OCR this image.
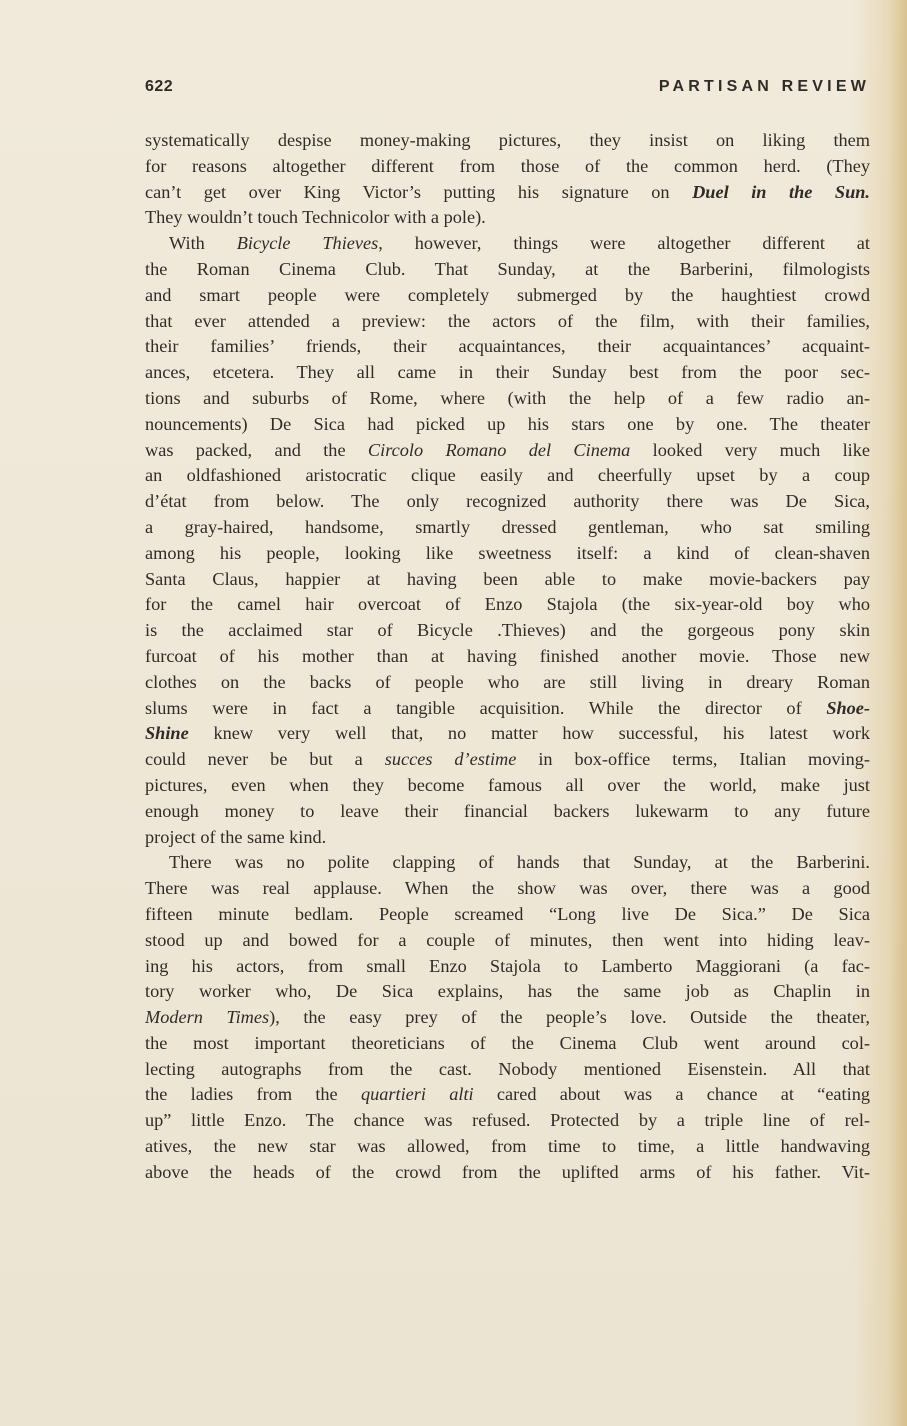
622	PARTISAN REVIEW
systematically despise money-making pictures, they insist on liking them
for reasons altogether different from those of the common herd. (They
can’t get over King Victor’s putting his signature on Duel in the Sun.
They wouldn’t touch Technicolor with a pole).
With Bicycle Thieves, however, things were altogether different at
the Roman Cinema Club. That Sunday, at the Barberini, filmologists
and smart people were completely submerged by the haughtiest crowd
that ever attended a preview: the actors of the film, with their families,
their families’ friends, their acquaintances, their acquaintances’ acquaint-
ances, etcetera. They all came in their Sunday best from the poor sec-
tions and suburbs of Rome, where (with the help of a few radio an-
nouncements) De Sica had picked up his stars one by one. The theater
was packed, and the Circolo Romano del Cinema looked very much like
an oldfashioned aristocratic clique easily and cheerfully upset by a coup
d’état from below. The only recognized authority there was De Sica,
a gray-haired, handsome, smartly dressed gentleman, who sat smiling
among his people, looking like sweetness itself: a kind of clean-shaven
Santa Claus, happier at having been able to make movie-backers pay
for the camel hair overcoat of Enzo Stajola (the six-year-old boy who
is the acclaimed star of Bicycle .Thieves) and the gorgeous pony skin
furcoat of his mother than at having finished another movie. Those new
clothes on the backs of people who are still living in dreary Roman
slums were in fact a tangible acquisition. While the director of Shoe-
Shine knew very well that, no matter how successful, his latest work
could never be but a succes d’estime in box-office terms, Italian moving-
pictures, even when they become famous all over the world, make just
enough money to leave their financial backers lukewarm to any future
project of the same kind.
There was no polite clapping of hands that Sunday, at the Barberini.
There was real applause. When the show was over, there was a good
fifteen minute bedlam. People screamed “Long live De Sica.” De Sica
stood up and bowed for a couple of minutes, then went into hiding leav-
ing his actors, from small Enzo Stajola to Lamberto Maggiorani (a fac-
tory worker who, De Sica explains, has the same job as Chaplin in
Modern Times), the easy prey of the people’s love. Outside the theater,
the most important theoreticians of the Cinema Club went around col-
lecting autographs from the cast. Nobody mentioned Eisenstein. All that
the ladies from the quartieri alti cared about was a chance at “eating
up” little Enzo. The chance was refused. Protected by a triple line of rel-
atives, the new star was allowed, from time to time, a little handwaving
above the heads of the crowd from the uplifted arms of his father. Vit-
